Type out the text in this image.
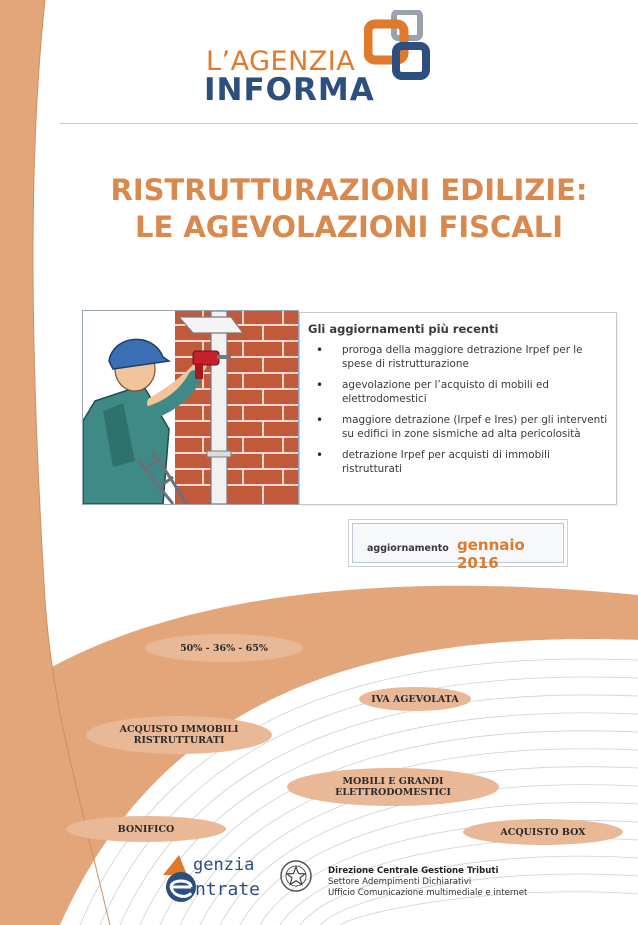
L’AGENZIA
INFORMA
RISTRUTTURAZIONI EDILIZIE:
LE AGEVOLAZIONI FISCALI
Gli aggiornamenti più recenti
• proroga della maggiore detrazione Irpef per le spese di ristrutturazione
• agevolazione per l’acquisto di mobili ed elettrodomestici
• maggiore detrazione (Irpef e Ires) per gli interventi su edifici in zone sismiche ad alta pericolosità
• detrazione Irpef per acquisti di immobili ristrutturati
aggiornamento gennaio 2016
50% - 36% - 65%
IVA AGEVOLATA
ACQUISTO IMMOBILI RISTRUTTURATI
MOBILI E GRANDI ELETTRODOMESTICI
BONIFICO	ACQUISTO BOX
genzia
ntrate
Direzione Centrale Gestione Tributi
Settore Adempimenti Dichiarativi
Ufficio Comunicazione multimediale e internet
